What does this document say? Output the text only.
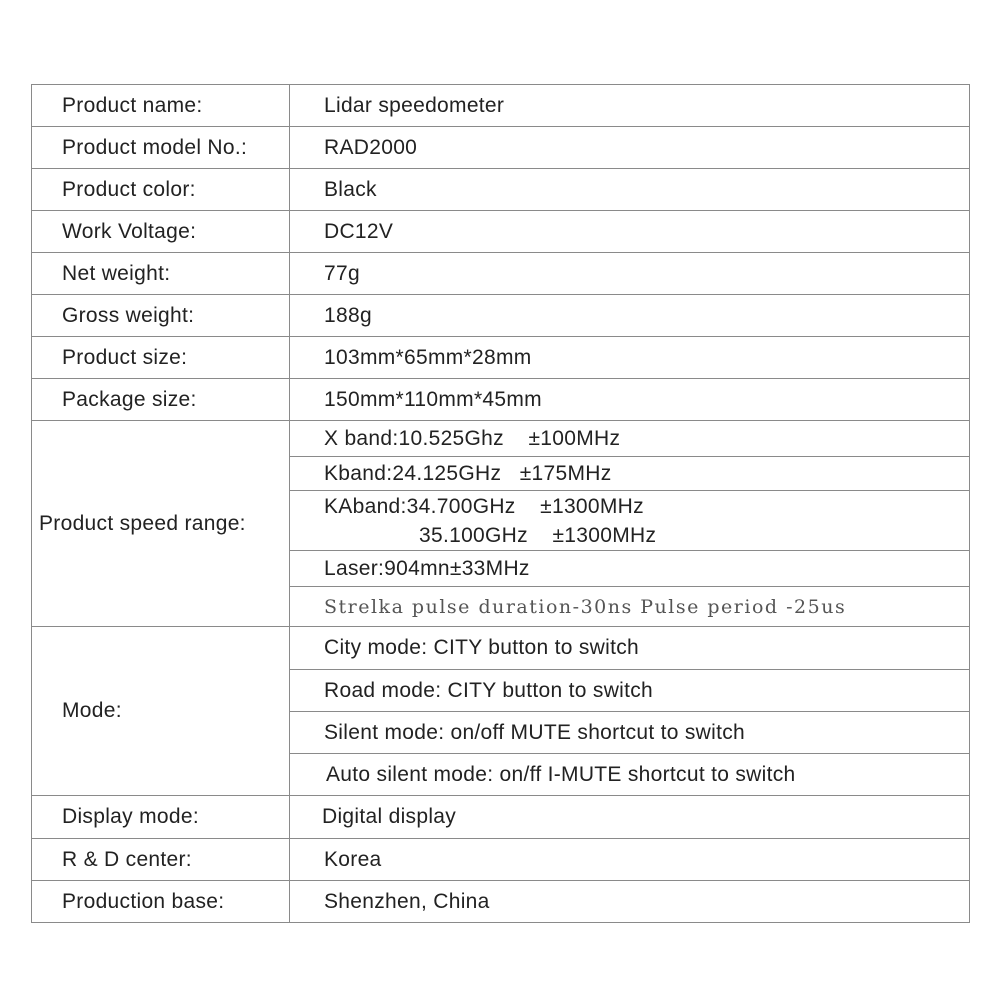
Product name:	Lidar speedometer
Product model No.:	RAD2000
Product color:	Black
Work Voltage:	DC12V
Net weight:	77g
Gross weight:	188g
Product size:	103mm*65mm*28mm
Package size:	150mm*110mm*45mm
Product speed range:	X band:10.525Ghz    ±100MHz
	Kband:24.125GHz   ±175MHz

	KAband:34.700GHz    ±1300MHz
35.100GHz    ±1300MHz

	Laser:904mn±33MHz
	Strelka pulse duration-30ns Pulse period -25us

Mode:	City mode: CITY button to switch
	Road mode: CITY button to switch
	Silent mode: on/off MUTE shortcut to switch
	Auto silent mode: on/ff I-MUTE shortcut to switch
Display mode:	Digital display
R & D center:	Korea
Production base:	Shenzhen, China
